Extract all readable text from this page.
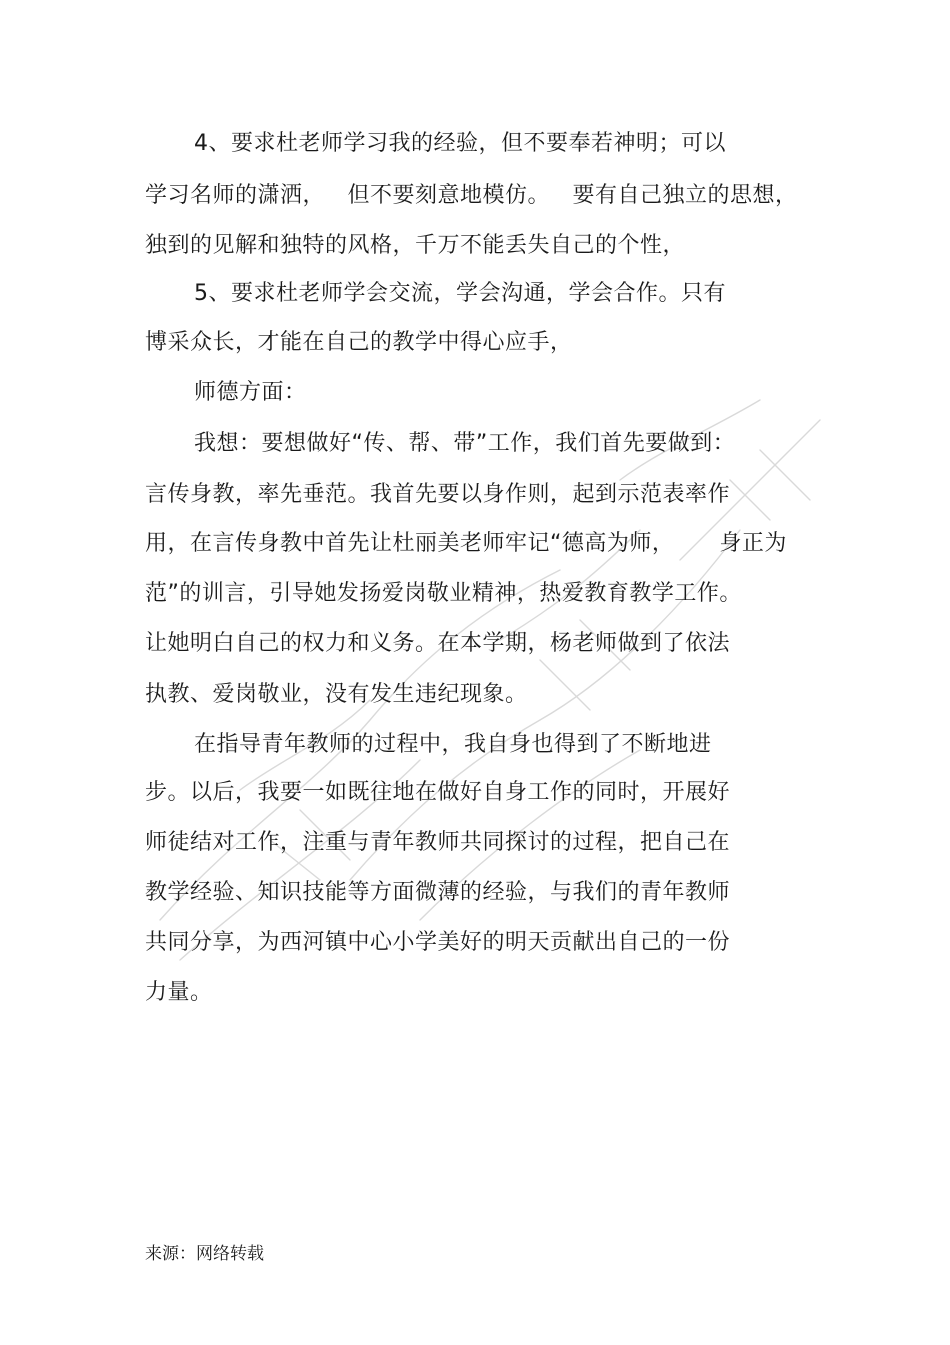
4、要求杜老师学习我的经验，但不要奉若神明；可以
学习名师的潇洒，   但不要刻意地模仿。   要有自己独立的思想，
独到的见解和独特的风格，千万不能丢失自己的个性，
5、要求杜老师学会交流，学会沟通，学会合作。只有
博采众长，才能在自己的教学中得心应手，
师德方面：
我想：要想做好“传、帮、带”工作，我们首先要做到：
言传身教，率先垂范。我首先要以身作则，起到示范表率作
用，在言传身教中首先让杜丽美老师牢记“德高为师，      身正为
范”的训言，引导她发扬爱岗敬业精神，热爱教育教学工作。
让她明白自己的权力和义务。在本学期，杨老师做到了依法
执教、爱岗敬业，没有发生违纪现象。
在指导青年教师的过程中，我自身也得到了不断地进
步。以后，我要一如既往地在做好自身工作的同时，开展好
师徒结对工作，注重与青年教师共同探讨的过程，把自己在
教学经验、知识技能等方面微薄的经验，与我们的青年教师
共同分享，为西河镇中心小学美好的明天贡献出自己的一份
力量。
来源：网络转载
